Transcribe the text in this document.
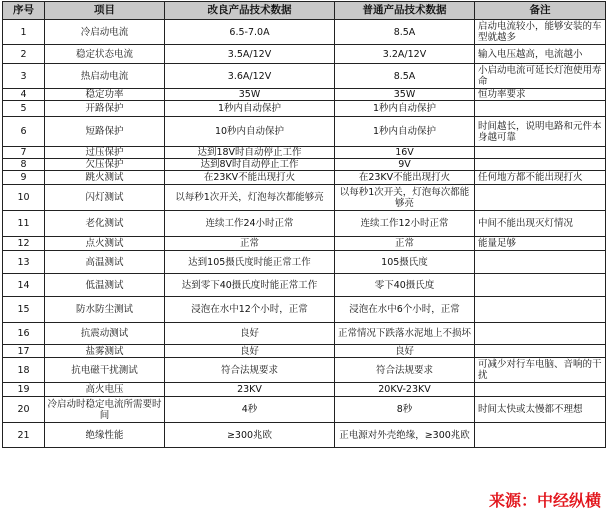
序号	项目	改良产品技术数据	普通产品技术数据	备注
1	冷启动电流	6.5-7.0A	8.5A	启动电流较小，能够安装的车型就越多
2	稳定状态电流	3.5A/12V	3.2A/12V	输入电压越高，电流越小
3	热启动电流	3.6A/12V	8.5A	小启动电流可延长灯泡使用寿命
4	稳定功率	35W	35W	恒功率要求
5	开路保护	1秒内自动保护	1秒内自动保护	
6	短路保护	10秒内自动保护	1秒内自动保护	时间越长，说明电路和元件本身越可靠
7	过压保护	达到18V时自动停止工作	16V	
8	欠压保护	达到8V时自动停止工作	9V	
9	跳火测试	在23KV不能出现打火	在23KV不能出现打火	任何地方都不能出现打火
10	闪灯测试	以每秒1次开关，灯泡每次都能够亮	以每秒1次开关，灯泡每次都能够亮	
11	老化测试	连续工作24小时正常	连续工作12小时正常	中间不能出现灭灯情况
12	点火测试	正常	正常	能量足够
13	高温测试	达到105摄氏度时能正常工作	105摄氏度	
14	低温测试	达到零下40摄氏度时能正常工作	零下40摄氏度	
15	防水防尘测试	浸泡在水中12个小时，正常	浸泡在水中6个小时，正常	
16	抗震动测试	良好	正常情况下跌落水泥地上不损坏	
17	盐雾测试	良好	良好	
18	抗电磁干扰测试	符合法规要求	符合法规要求	可减少对行车电脑、音响的干扰
19	高火电压	23KV	20KV-23KV	
20	冷启动时稳定电流所需要时间	4秒	8秒	时间太快或太慢都不理想
21	绝缘性能	≥300兆欧	正电源对外壳绝缘，≥300兆欧	
来源：中经纵横
